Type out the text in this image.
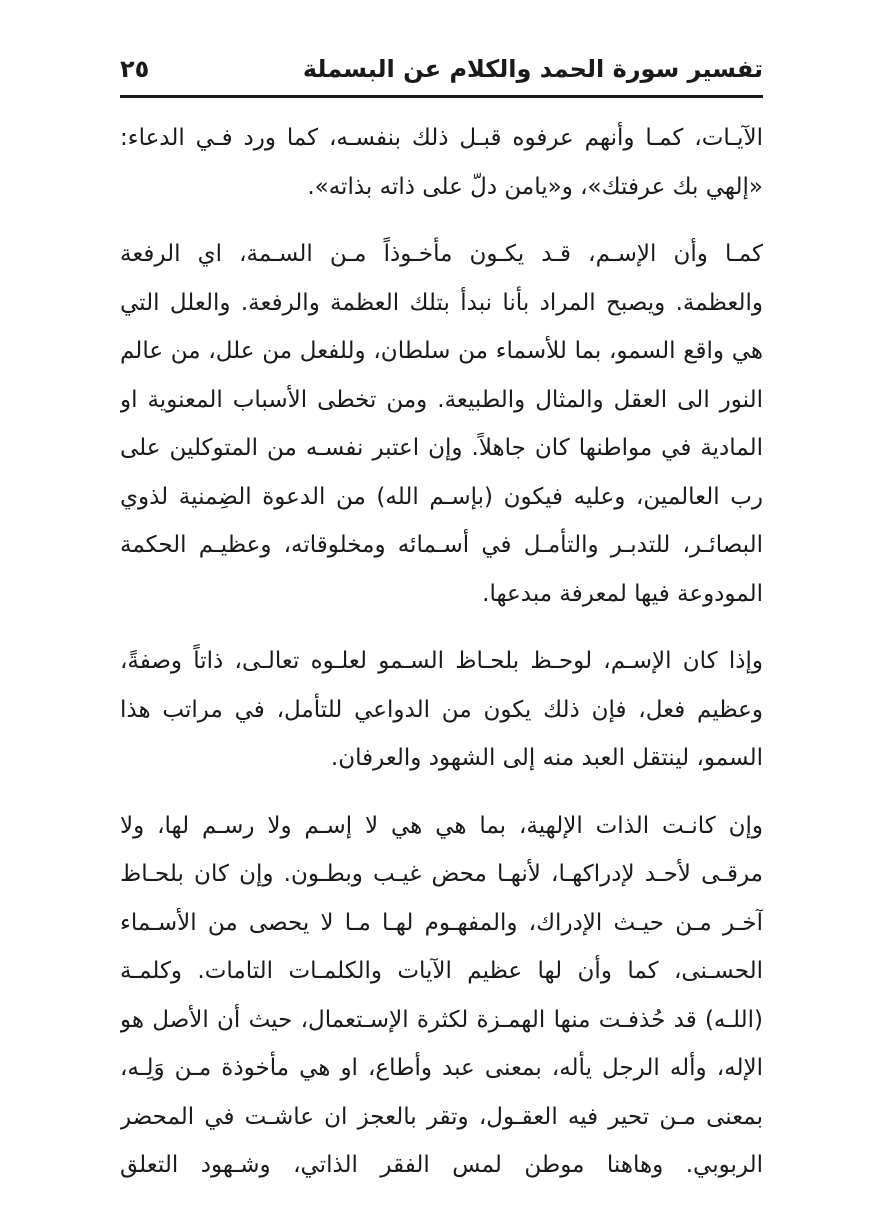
تفسير سورة الحمد والكلام عن البسملة
٢٥

الآيـات، كمـا وأنهم عرفوه قبـل ذلك بنفسـه، كما ورد فـي الدعاء: «إلهي بك عرفتك»، و«يامن دلّ على ذاته بذاته».

كمـا وأن الإسـم، قـد يكـون مأخـوذاً مـن السـمة، اي الرفعة والعظمة. ويصبح المراد بأنا نبدأ بتلك العظمة والرفعة. والعلل التي هي واقع السمو، بما للأسماء من سلطان، وللفعل من علل، من عالم النور الى العقل والمثال والطبيعة. ومن تخطى الأسباب المعنوية او المادية في مواطنها كان جاهلاً. وإن اعتبر نفسـه من المتوكلين على رب العالمين، وعليه فيكون (بإسـم الله) من الدعوة الضِمنية لذوي البصائـر، للتدبـر والتأمـل في أسـمائه ومخلوقاته، وعظيـم الحكمة المودوعة فيها لمعرفة مبدعها.

وإذا كان الإسـم، لوحـظ بلحـاظ السـمو لعلـوه تعالـى، ذاتاً وصفةً، وعظيم فعل، فإن ذلك يكون من الدواعي للتأمل، في مراتب هذا السمو، لينتقل العبد منه إلى الشهود والعرفان.

وإن كانـت الذات الإلهية، بما هي هي لا إسـم ولا رسـم لها، ولا مرقـى لأحـد لإدراكهـا، لأنهـا محض غيـب وبطـون. وإن كان بلحـاظ آخـر مـن حيـث الإدراك، والمفهـوم لهـا مـا لا يحصى من الأسـماء الحسـنى، كما وأن لها عظيم الآيات والكلمـات التامات. وكلمـة (اللـه) قد حُذفـت منها الهمـزة لكثرة الإسـتعمال، حيث أن الأصل هو الإله، وأله الرجل يأله، بمعنى عبد وأطاع، او هي مأخوذة مـن وَلِـه، بمعنى مـن تحير فيه العقـول، وتقر بالعجز ان عاشـت في المحضر الربوبي. وهاهنا موطن لمس الفقر الذاتي، وشـهود التعلق
